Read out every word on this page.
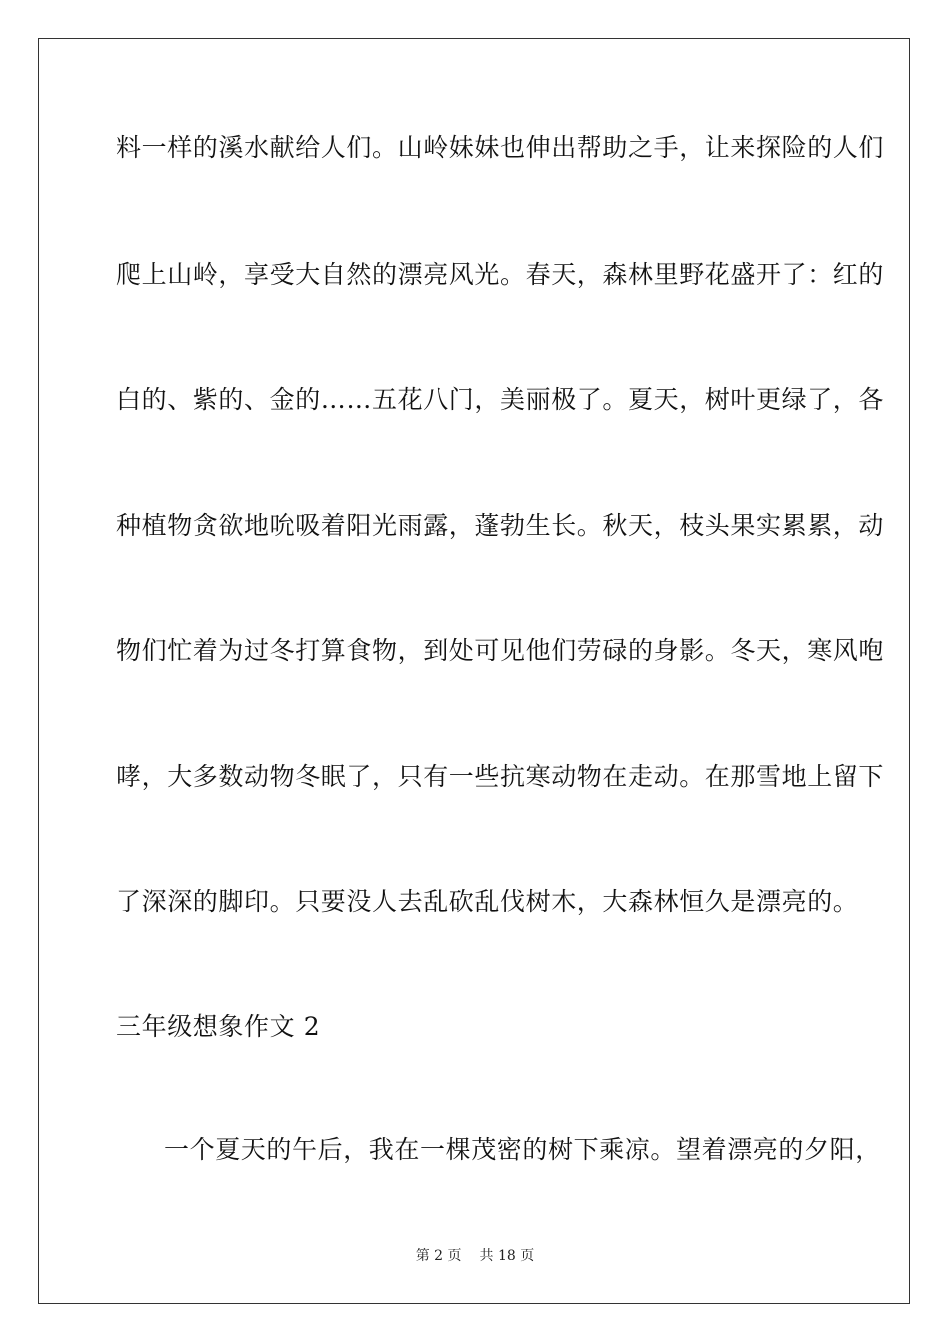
料一样的溪水献给人们。山岭妹妹也伸出帮助之手，让来探险的人们
爬上山岭，享受大自然的漂亮风光。春天，森林里野花盛开了：红的
白的、紫的、金的……五花八门，美丽极了。夏天，树叶更绿了，各
种植物贪欲地吮吸着阳光雨露，蓬勃生长。秋天，枝头果实累累，动
物们忙着为过冬打算食物，到处可见他们劳碌的身影。冬天，寒风咆
哮，大多数动物冬眠了，只有一些抗寒动物在走动。在那雪地上留下
了深深的脚印。只要没人去乱砍乱伐树木，大森林恒久是漂亮的。
三年级想象作文 2
一个夏天的午后，我在一棵茂密的树下乘凉。望着漂亮的夕阳，
第 2 页 共 18 页
